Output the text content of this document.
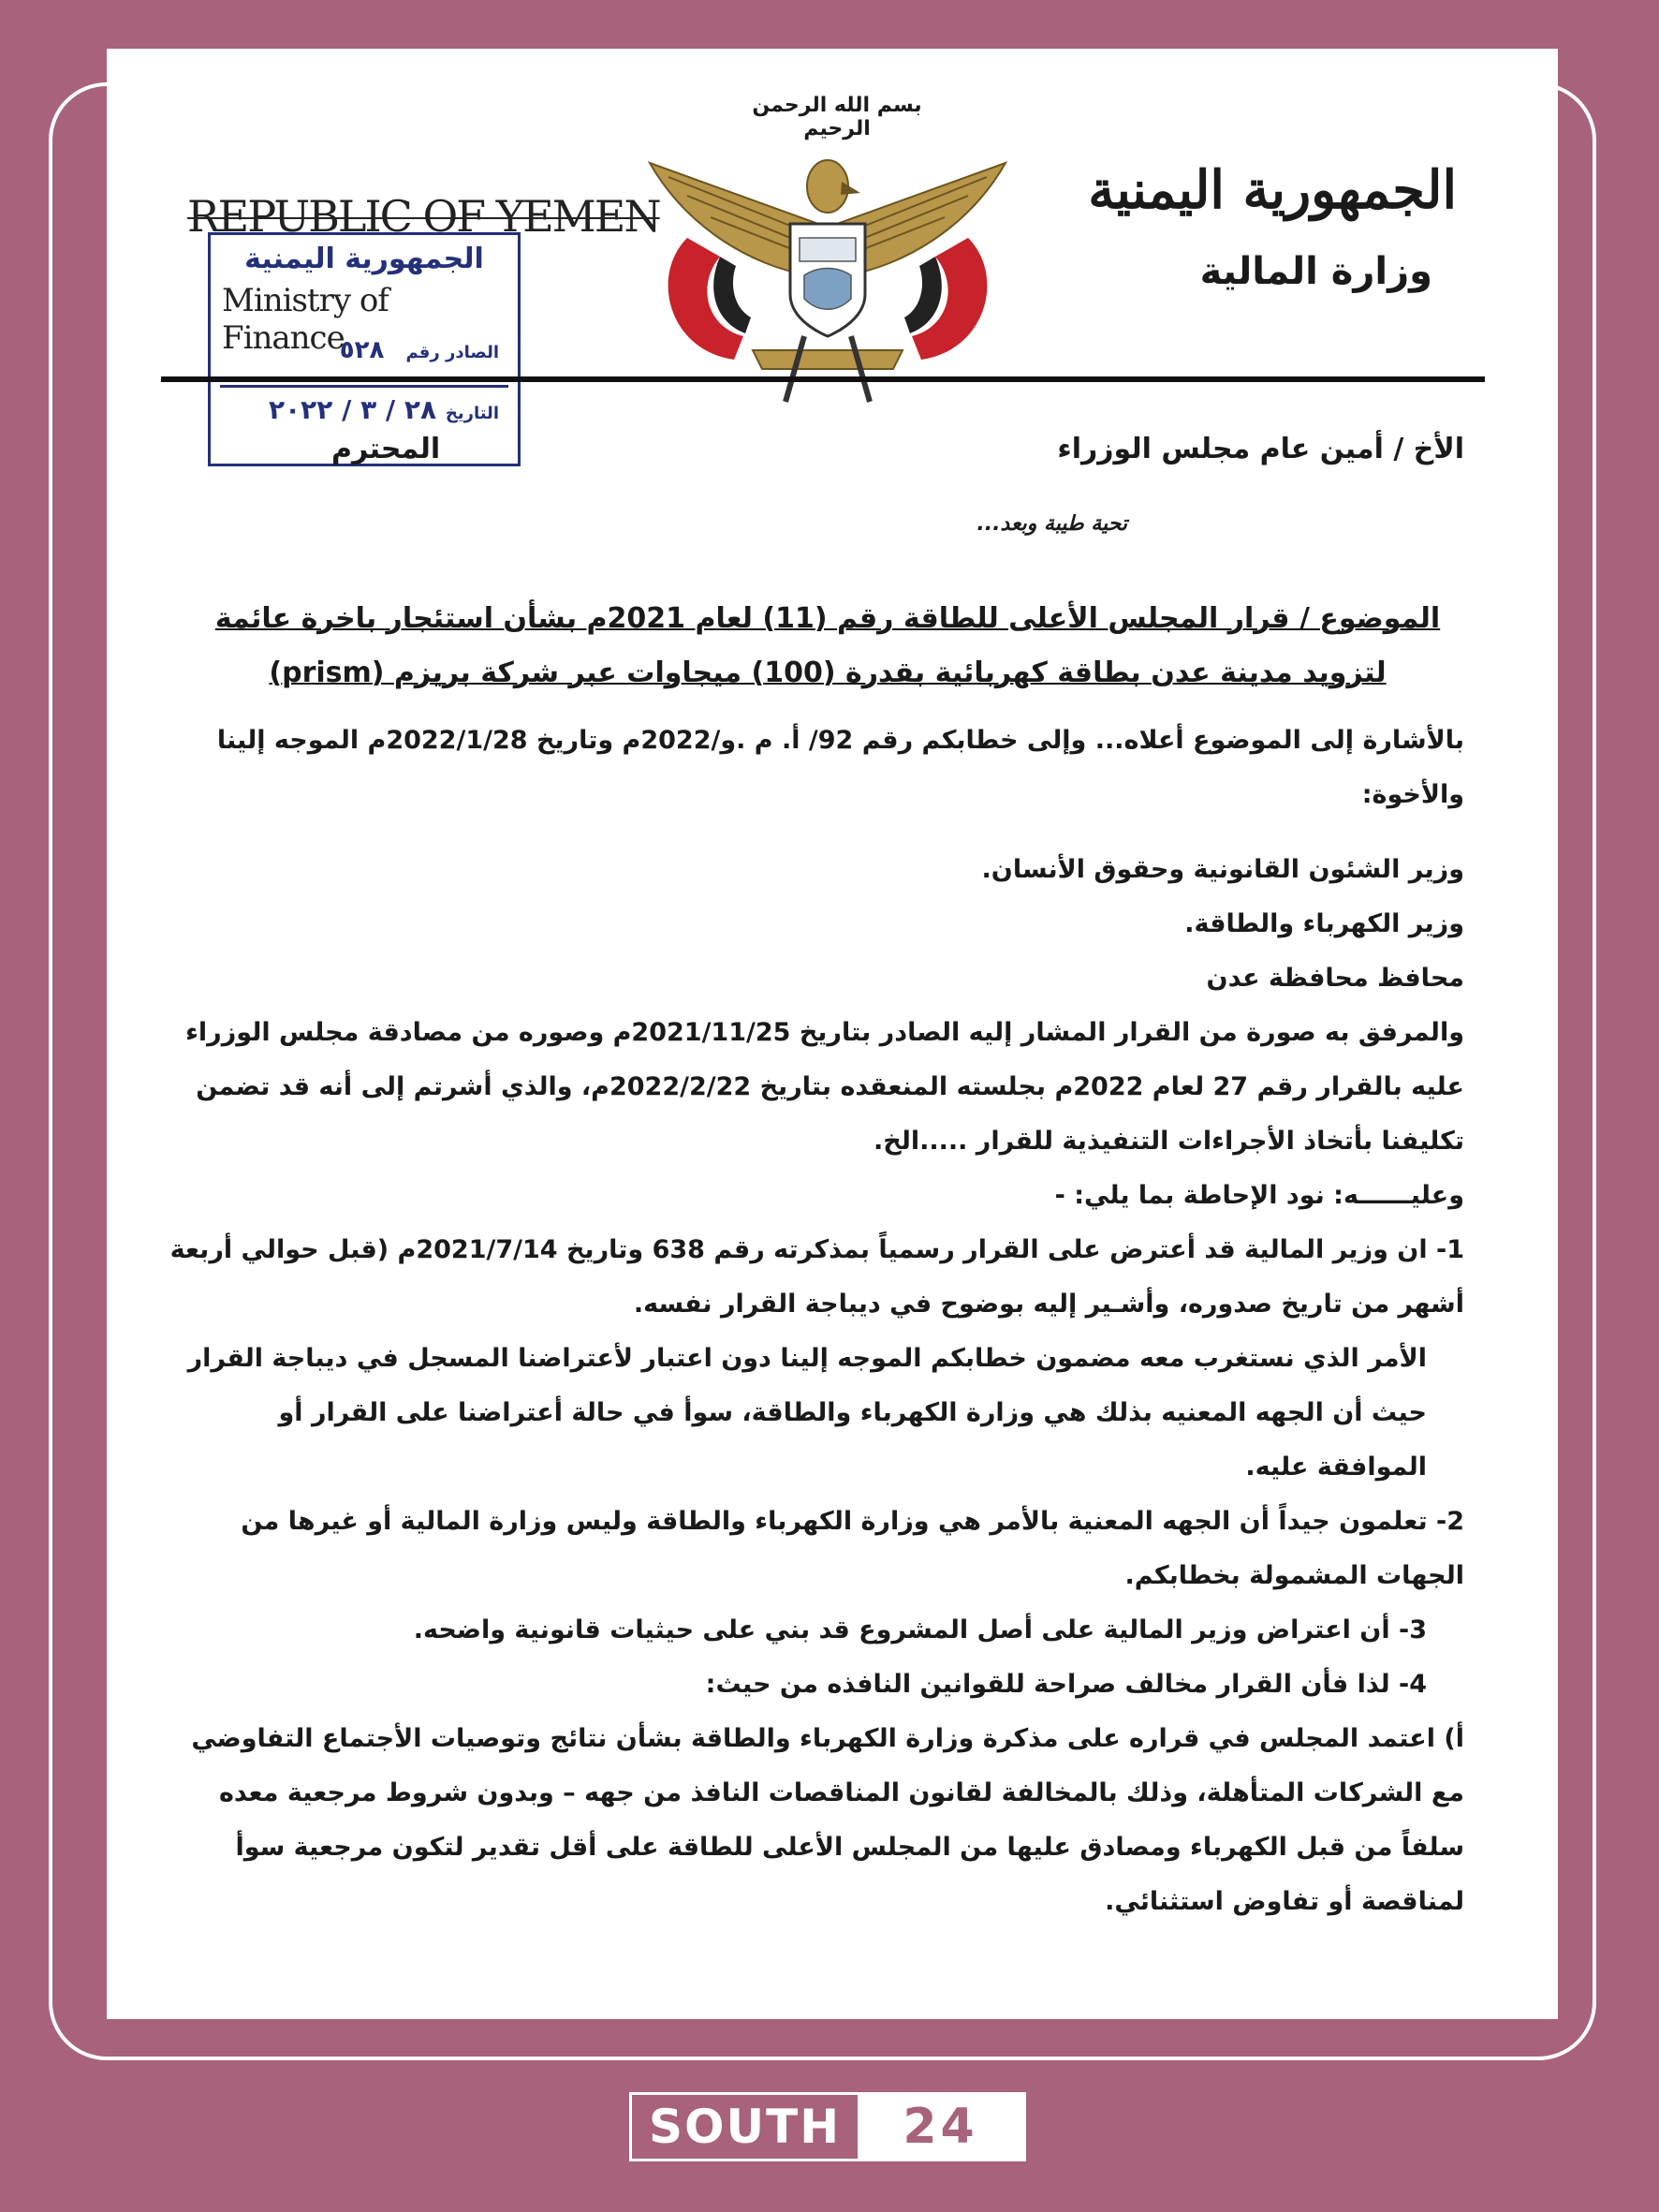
بسم الله الرحمن الرحيم
الجمهورية اليمنية
وزارة المالية
REPUBLIC OF YEMEN
الجمهورية اليمنية
Ministry of Finance	الصادر رقم ٥٢٨
التاريخ ٢٨ / ٣ / ٢٠٢٢
الأخ / أمين عام مجلس الوزراء
المحترم
تحية طيبة وبعد...
الموضوع / قرار المجلس الأعلى للطاقة رقم (11) لعام 2021م بشأن استئجار باخرة عائمة
لتزويد مدينة عدن بطاقة كهربائية بقدرة (100) ميجاوات عبر شركة بريزم (prism)

بالأشارة إلى الموضوع أعلاه... وإلى خطابكم رقم 92/ أ. م .و/2022م وتاريخ 2022/1/28م الموجه إلينا والأخوة:

وزير الشئون القانونية وحقوق الأنسان.

وزير الكهرباء والطاقة.

محافظ محافظة عدن

والمرفق به صورة من القرار المشار إليه الصادر بتاريخ 2021/11/25م وصوره من مصادقة مجلس الوزراء عليه بالقرار رقم 27 لعام 2022م بجلسته المنعقده بتاريخ 2022/2/22م، والذي أشرتم إلى أنه قد تضمن تكليفنا بأتخاذ الأجراءات التنفيذية للقرار .....الخ.

وعليــــــه: نود الإحاطة بما يلي: -

1- ان وزير المالية قد أعترض على القرار رسمياً بمذكرته رقم 638 وتاريخ 2021/7/14م (قبل حوالي أربعة أشهر من تاريخ صدوره، وأشـير إليه بوضوح في ديباجة القرار نفسه.

الأمر الذي نستغرب معه مضمون خطابكم الموجه إلينا دون اعتبار لأعتراضنا المسجل في ديباجة القرار حيث أن الجهه المعنيه بذلك هي وزارة الكهرباء والطاقة، سوأ في حالة أعتراضنا على القرار أو الموافقة عليه.

2- تعلمون جيداً أن الجهه المعنية بالأمر هي وزارة الكهرباء والطاقة وليس وزارة المالية أو غيرها من الجهات المشمولة بخطابكم.

3- أن اعتراض وزير المالية على أصل المشروع قد بني على حيثيات قانونية واضحه.

4- لذا فأن القرار مخالف صراحة للقوانين النافذه من حيث:

أ) اعتمد المجلس في قراره على مذكرة وزارة الكهرباء والطاقة بشأن نتائج وتوصيات الأجتماع التفاوضي مع الشركات المتأهلة، وذلك بالمخالفة لقانون المناقصات النافذ من جهه – وبدون شروط مرجعية معده سلفاً من قبل الكهرباء ومصادق عليها من المجلس الأعلى للطاقة على أقل تقدير لتكون مرجعية سوأ لمناقصة أو تفاوض استثنائي.

SOUTH	24
